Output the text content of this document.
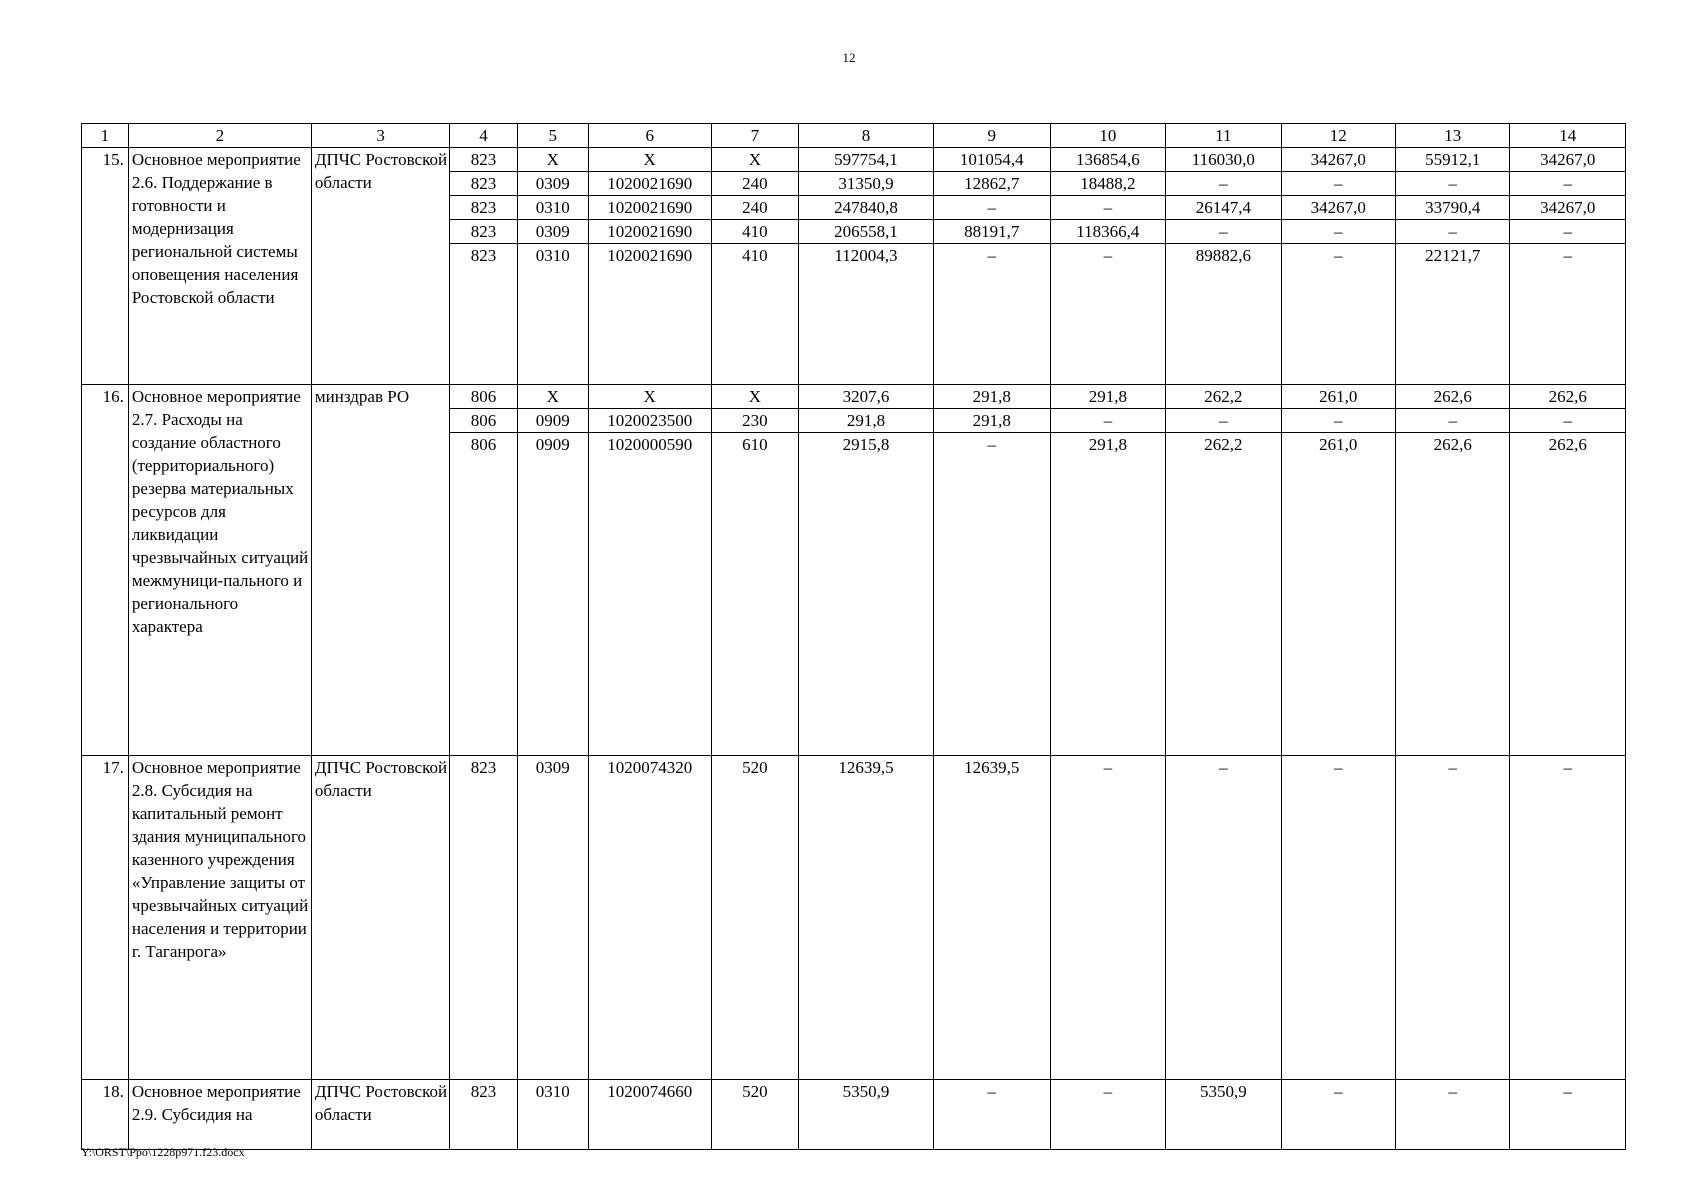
12
1	2	3	4	5	6	7	8	9	10	11	12	13	14
15.	Основное мероприятие 2.6. Поддержание в готовности и модернизация региональной системы оповещения населения Ростовской области	ДПЧС Ростовской области	823	X	X	X	597754,1	101054,4	136854,6	116030,0	34267,0	55912,1	34267,0
			823	0309	1020021690	240	31350,9	12862,7	18488,2	–	–	–	–
			823	0310	1020021690	240	247840,8	–	–	26147,4	34267,0	33790,4	34267,0
			823	0309	1020021690	410	206558,1	88191,7	118366,4	–	–	–	–
			823	0310	1020021690	410	112004,3	–	–	89882,6	–	22121,7	–
16.	Основное мероприятие 2.7. Расходы на создание областного (территориального) резерва материальных ресурсов для ликвидации чрезвычайных ситуаций межмуници-пального и регионального характера	минздрав РО	806	X	X	X	3207,6	291,8	291,8	262,2	261,0	262,6	262,6
			806	0909	1020023500	230	291,8	291,8	–	–	–	–	–
			806	0909	1020000590	610	2915,8	–	291,8	262,2	261,0	262,6	262,6
17.	Основное мероприятие 2.8. Субсидия на капитальный ремонт здания муниципального казенного учреждения «Управление защиты от чрезвычайных ситуаций населения и территории г. Таганрога»	ДПЧС Ростовской области	823	0309	1020074320	520	12639,5	12639,5	–	–	–	–	–
18.	Основное мероприятие 2.9. Субсидия на	ДПЧС Ростовской области	823	0310	1020074660	520	5350,9	–	–	5350,9	–	–	–
Y:\ORST\Ppo\1228p971.f23.docx
